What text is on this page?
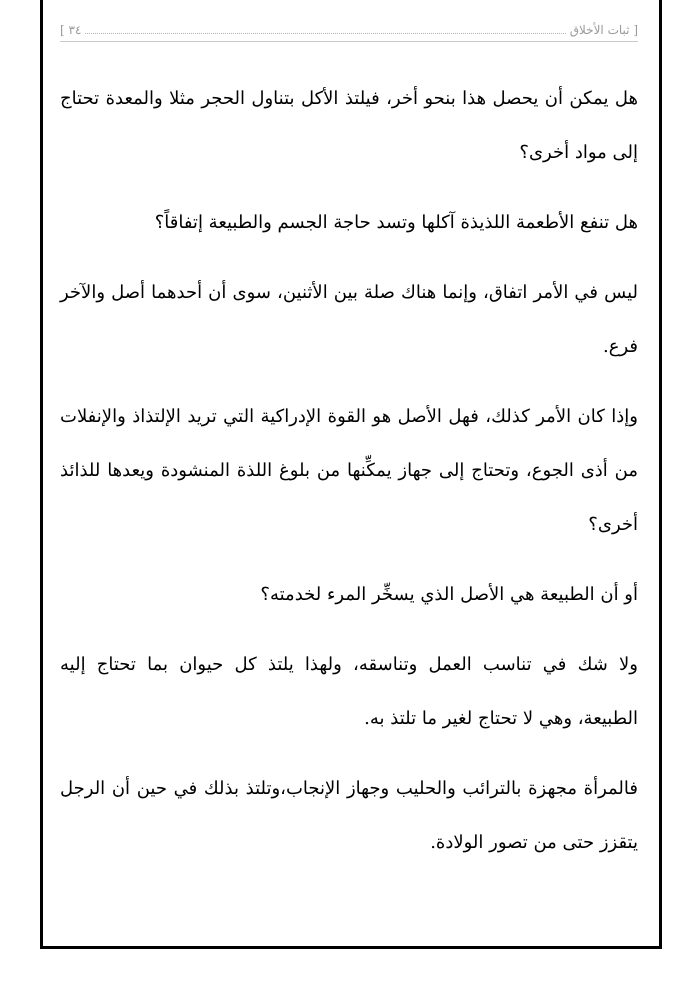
[ ثبات الأخلاق
٣٤ ]

هل يمكن أن يحصل هذا بنحو أخر، فيلتذ الأكل بتناول الحجر مثلا والمعدة تحتاج إلى مواد أخرى؟

هل تنفع الأطعمة اللذيذة آكلها وتسد حاجة الجسم والطبيعة إتفاقاً؟

ليس في الأمر اتفاق، وإنما هناك صلة بين الأثنين، سوى أن أحدهما أصل والآخر فرع.

وإذا كان الأمر كذلك، فهل الأصل هو القوة الإدراكية التي تريد الإلتذاذ والإنفلات من أذى الجوع، وتحتاج إلى جهاز يمكِّنها من بلوغ اللذة المنشودة ويعدها للذائذ أخرى؟

أو أن الطبيعة هي الأصل الذي يسخِّر المرء لخدمته؟

ولا شك في تناسب العمل وتناسقه، ولهذا يلتذ كل حيوان بما تحتاج إليه الطبيعة، وهي لا تحتاج لغير ما تلتذ به.

فالمرأة مجهزة بالترائب والحليب وجهاز الإنجاب،وتلتذ بذلك في حين أن الرجل يتقزز حتى من تصور الولادة.
